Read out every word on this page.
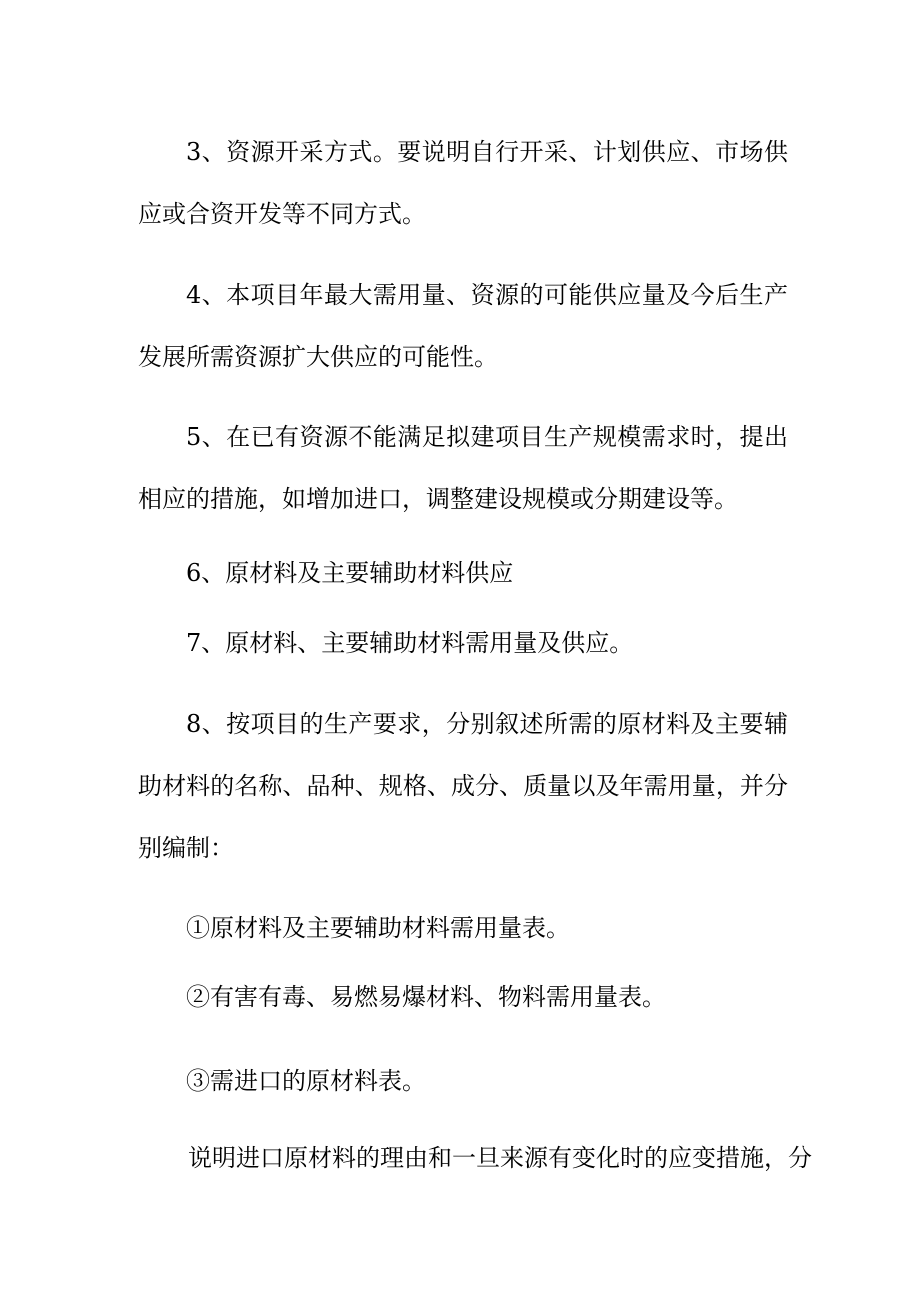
3、资源开采方式。要说明自行开采、计划供应、市场供应或合资开发等不同方式。

4、本项目年最大需用量、资源的可能供应量及今后生产发展所需资源扩大供应的可能性。

5、在已有资源不能满足拟建项目生产规模需求时，提出相应的措施，如增加进口，调整建设规模或分期建设等。

6、原材料及主要辅助材料供应

7、原材料、主要辅助材料需用量及供应。

8、按项目的生产要求，分别叙述所需的原材料及主要辅助材料的名称、品种、规格、成分、质量以及年需用量，并分别编制：

①原材料及主要辅助材料需用量表。

②有害有毒、易燃易爆材料、物料需用量表。

③需进口的原材料表。

说明进口原材料的理由和一旦来源有变化时的应变措施，分
